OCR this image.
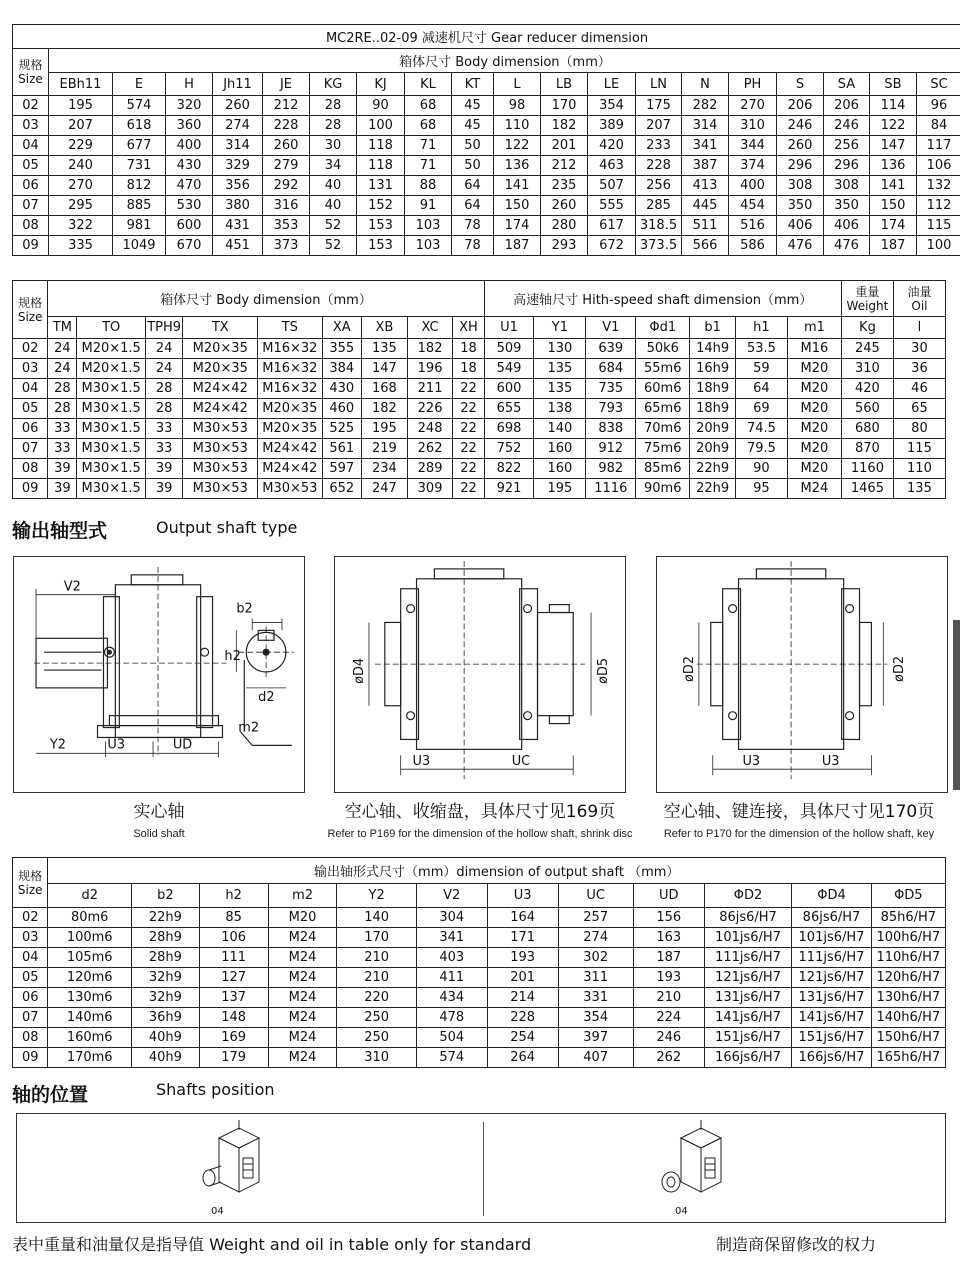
MC2RE..02-09 减速机尺寸 Gear reducer dimension																			
规格
Size	箱体尺寸 Body dimension（mm）																		
	EBh11	E	H	Jh11	JE	KG	KJ	KL	KT	L	LB	LE	LN	N	PH	S	SA	SB	SC
02	195	574	320	260	212	28	90	68	45	98	170	354	175	282	270	206	206	114	96
03	207	618	360	274	228	28	100	68	45	110	182	389	207	314	310	246	246	122	84
04	229	677	400	314	260	30	118	71	50	122	201	420	233	341	344	260	256	147	117
05	240	731	430	329	279	34	118	71	50	136	212	463	228	387	374	296	296	136	106
06	270	812	470	356	292	40	131	88	64	141	235	507	256	413	400	308	308	141	132
07	295	885	530	380	316	40	152	91	64	150	260	555	285	445	454	350	350	150	112
08	322	981	600	431	353	52	153	103	78	174	280	617	318.5	511	516	406	406	174	115
09	335	1049	670	451	373	52	153	103	78	187	293	672	373.5	566	586	476	476	187	100
规格
Size	箱体尺寸 Body dimension（mm）									高速轴尺寸 Hith-speed shaft dimension（mm）							重量
Weight	油量
Oil
	TM	TO	TPH9	TX	TS	XA	XB	XC	XH	U1	Y1	V1	Φd1	b1	h1	m1	Kg	l
02	24	M20×1.5	24	M20×35	M16×32	355	135	182	18	509	130	639	50k6	14h9	53.5	M16	245	30
03	24	M20×1.5	24	M20×35	M16×32	384	147	196	18	549	135	684	55m6	16h9	59	M20	310	36
04	28	M30×1.5	28	M24×42	M16×32	430	168	211	22	600	135	735	60m6	18h9	64	M20	420	46
05	28	M30×1.5	28	M24×42	M20×35	460	182	226	22	655	138	793	65m6	18h9	69	M20	560	65
06	33	M30×1.5	33	M30×53	M20×35	525	195	248	22	698	140	838	70m6	20h9	74.5	M20	680	80
07	33	M30×1.5	33	M30×53	M24×42	561	219	262	22	752	160	912	75m6	20h9	79.5	M20	870	115
08	39	M30×1.5	39	M30×53	M24×42	597	234	289	22	822	160	982	85m6	22h9	90	M20	1160	110
09	39	M30×1.5	39	M30×53	M30×53	652	247	309	22	921	195	1116	90m6	22h9	95	M24	1465	135
输出轴型式	Output shaft type
V2
b2
h2
d2
m2
Y2	U3	UD
øD4	øD5
U3	UC
øD2	øD2
U3	U3
实心轴
Solid shaft
空心轴、收缩盘，具体尺寸见169页
Refer to P169 for the dimension of the hollow shaft, shrink disc
空心轴、键连接，具体尺寸见170页
Refer to P170 for the dimension of the hollow shaft, key
规格
Size	输出轴形式尺寸（mm）dimension of output shaft （mm）											
	d2	b2	h2	m2	Y2	V2	U3	UC	UD	ΦD2	ΦD4	ΦD5
02	80m6	22h9	85	M20	140	304	164	257	156	86js6/H7	86js6/H7	85h6/H7
03	100m6	28h9	106	M24	170	341	171	274	163	101js6/H7	101js6/H7	100h6/H7
04	105m6	28h9	111	M24	210	403	193	302	187	111js6/H7	111js6/H7	110h6/H7
05	120m6	32h9	127	M24	210	411	201	311	193	121js6/H7	121js6/H7	120h6/H7
06	130m6	32h9	137	M24	220	434	214	331	210	131js6/H7	131js6/H7	130h6/H7
07	140m6	36h9	148	M24	250	478	228	354	224	141js6/H7	141js6/H7	140h6/H7
08	160m6	40h9	169	M24	250	504	254	397	246	151js6/H7	151js6/H7	150h6/H7
09	170m6	40h9	179	M24	310	574	264	407	262	166js6/H7	166js6/H7	165h6/H7
轴的位置	Shafts position
04	04
表中重量和油量仅是指导值 Weight and oil in table only for standard	制造商保留修改的权力
